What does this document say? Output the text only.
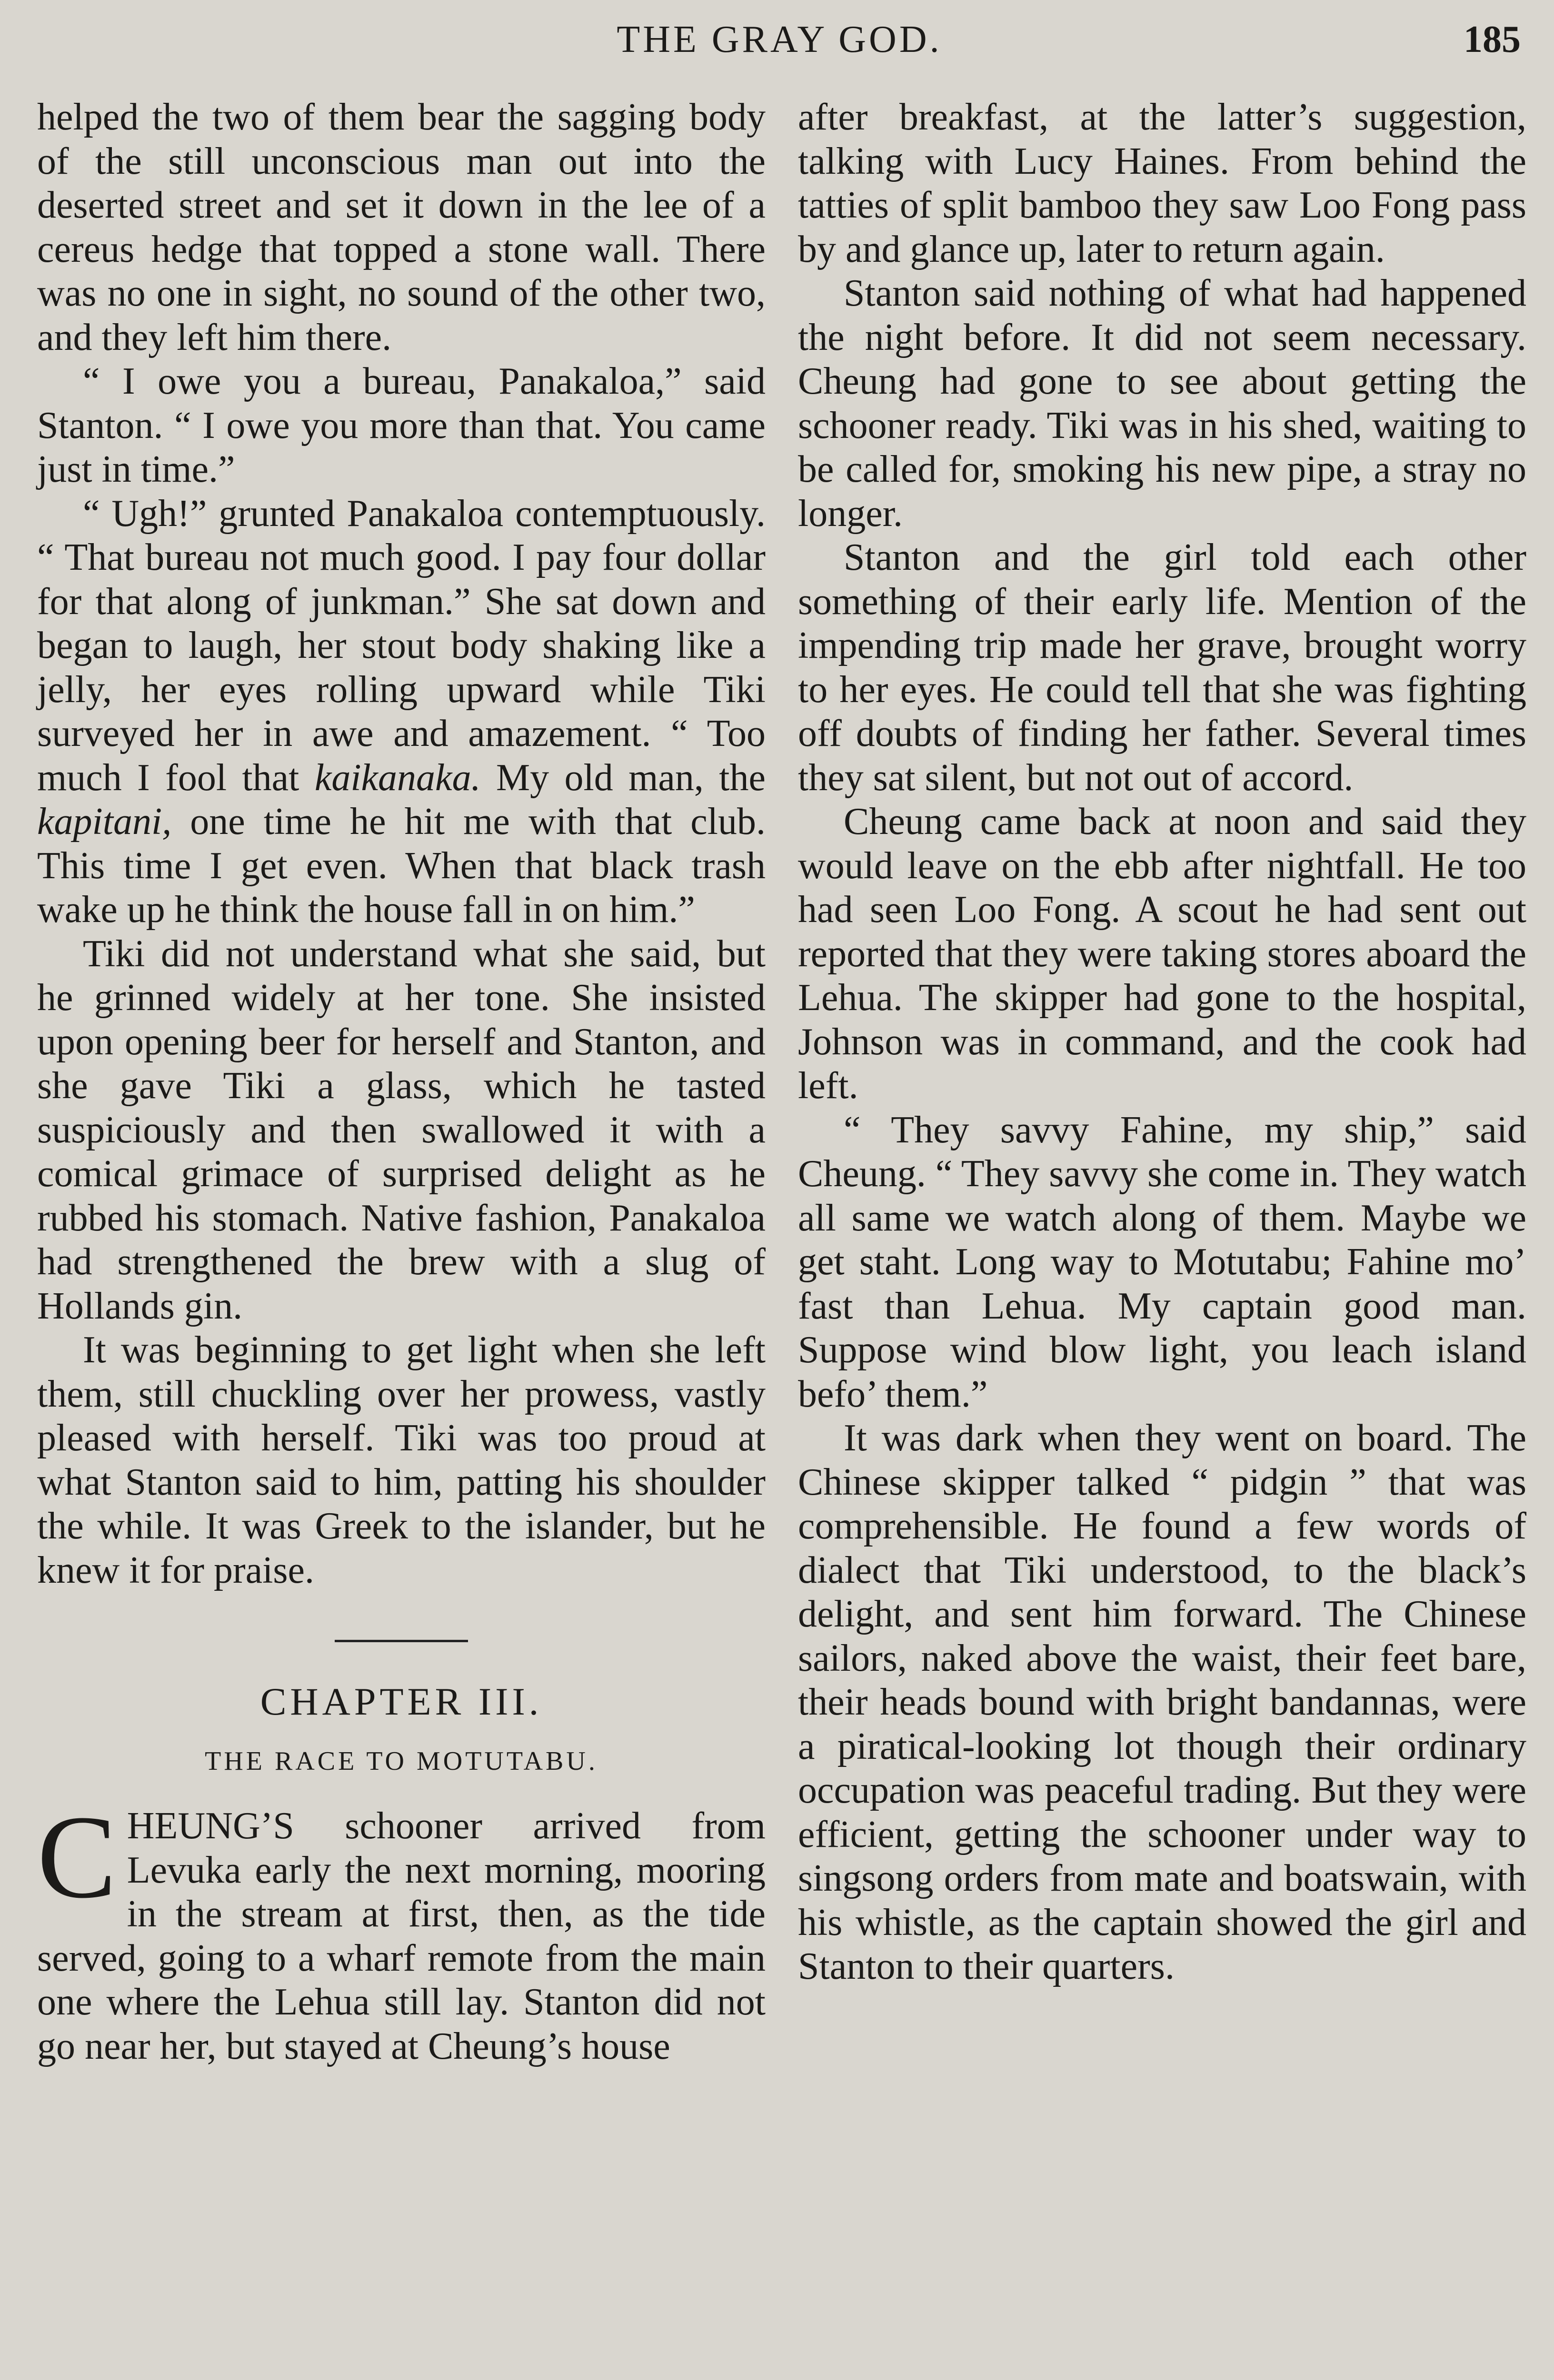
THE GRAY GOD.	185

helped the two of them bear the sagging body of the still unconscious man out into the deserted street and set it down in the lee of a cereus hedge that topped a stone wall. There was no one in sight, no sound of the other two, and they left him there.

“ I owe you a bureau, Panakaloa,” said Stanton. “ I owe you more than that. You came just in time.”

“ Ugh!” grunted Panakaloa contemptuously. “ That bureau not much good. I pay four dollar for that along of junkman.” She sat down and began to laugh, her stout body shaking like a jelly, her eyes rolling upward while Tiki surveyed her in awe and amazement. “ Too much I fool that kaikanaka. My old man, the kapitani, one time he hit me with that club. This time I get even. When that black trash wake up he think the house fall in on him.”

Tiki did not understand what she said, but he grinned widely at her tone. She insisted upon opening beer for herself and Stanton, and she gave Tiki a glass, which he tasted suspiciously and then swallowed it with a comical grimace of surprised delight as he rubbed his stomach. Native fashion, Panakaloa had strengthened the brew with a slug of Hollands gin.

It was beginning to get light when she left them, still chuckling over her prowess, vastly pleased with herself. Tiki was too proud at what Stanton said to him, patting his shoulder the while. It was Greek to the islander, but he knew it for praise.

CHAPTER III.
THE RACE TO MOTUTABU.
C HEUNG’S schooner arrived from Levuka early the next morning, mooring in the stream at first, then, as the tide served, going to a wharf remote from the main one where the Lehua still lay. Stanton did not go near her, but stayed at Cheung’s house

after breakfast, at the latter’s suggestion, talking with Lucy Haines. From behind the tatties of split bamboo they saw Loo Fong pass by and glance up, later to return again.

Stanton said nothing of what had happened the night before. It did not seem necessary. Cheung had gone to see about getting the schooner ready. Tiki was in his shed, waiting to be called for, smoking his new pipe, a stray no longer.

Stanton and the girl told each other something of their early life. Mention of the impending trip made her grave, brought worry to her eyes. He could tell that she was fighting off doubts of finding her father. Several times they sat silent, but not out of accord.

Cheung came back at noon and said they would leave on the ebb after nightfall. He too had seen Loo Fong. A scout he had sent out reported that they were taking stores aboard the Lehua. The skipper had gone to the hospital, Johnson was in command, and the cook had left.

“ They savvy Fahine, my ship,” said Cheung. “ They savvy she come in. They watch all same we watch along of them. Maybe we get staht. Long way to Motutabu; Fahine mo’ fast than Lehua. My captain good man. Suppose wind blow light, you leach island befo’ them.”

It was dark when they went on board. The Chinese skipper talked “ pidgin ” that was comprehensible. He found a few words of dialect that Tiki understood, to the black’s delight, and sent him forward. The Chinese sailors, naked above the waist, their feet bare, their heads bound with bright bandannas, were a piratical-looking lot though their ordinary occupation was peaceful trading. But they were efficient, getting the schooner under way to singsong orders from mate and boatswain, with his whistle, as the captain showed the girl and Stanton to their quarters.
